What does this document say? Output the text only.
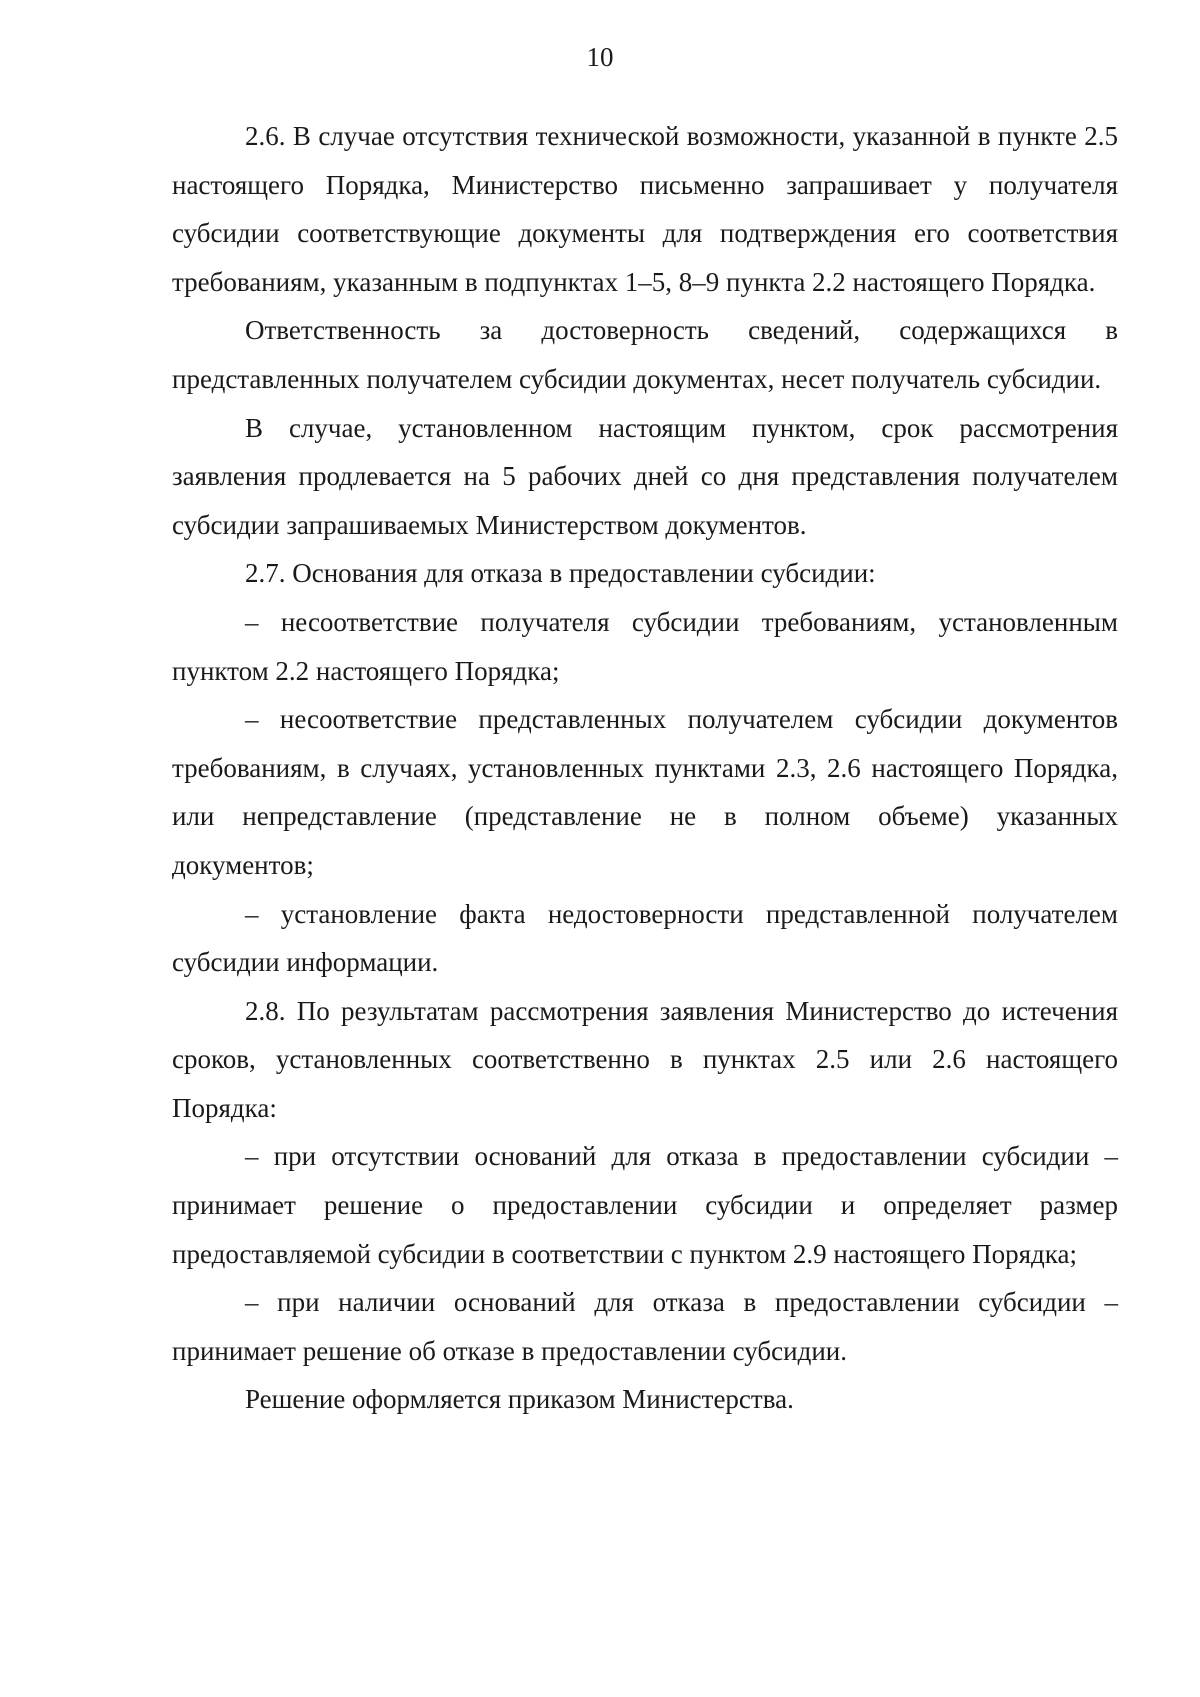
10

2.6. В случае отсутствия технической возможности, указанной в пункте 2.5 настоящего Порядка, Министерство письменно запрашивает у получателя субсидии соответствующие документы для подтверждения его соответствия требованиям, указанным в подпунктах 1–5, 8–9 пункта 2.2 настоящего Порядка.

Ответственность за достоверность сведений, содержащихся в представленных получателем субсидии документах, несет получатель субсидии.

В случае, установленном настоящим пунктом, срок рассмотрения заявления продлевается на 5 рабочих дней со дня представления получателем субсидии запрашиваемых Министерством документов.

2.7. Основания для отказа в предоставлении субсидии:

– несоответствие получателя субсидии требованиям, установленным пунктом 2.2 настоящего Порядка;

– несоответствие представленных получателем субсидии документов требованиям, в случаях, установленных пунктами 2.3, 2.6 настоящего Порядка, или непредставление (представление не в полном объеме) указанных документов;

– установление факта недостоверности представленной получателем субсидии информации.

2.8. По результатам рассмотрения заявления Министерство до истечения сроков, установленных соответственно в пунктах 2.5 или 2.6 настоящего Порядка:

– при отсутствии оснований для отказа в предоставлении субсидии – принимает решение о предоставлении субсидии и определяет размер предоставляемой субсидии в соответствии с пунктом 2.9 настоящего Порядка;

– при наличии оснований для отказа в предоставлении субсидии – принимает решение об отказе в предоставлении субсидии.

Решение оформляется приказом Министерства.
